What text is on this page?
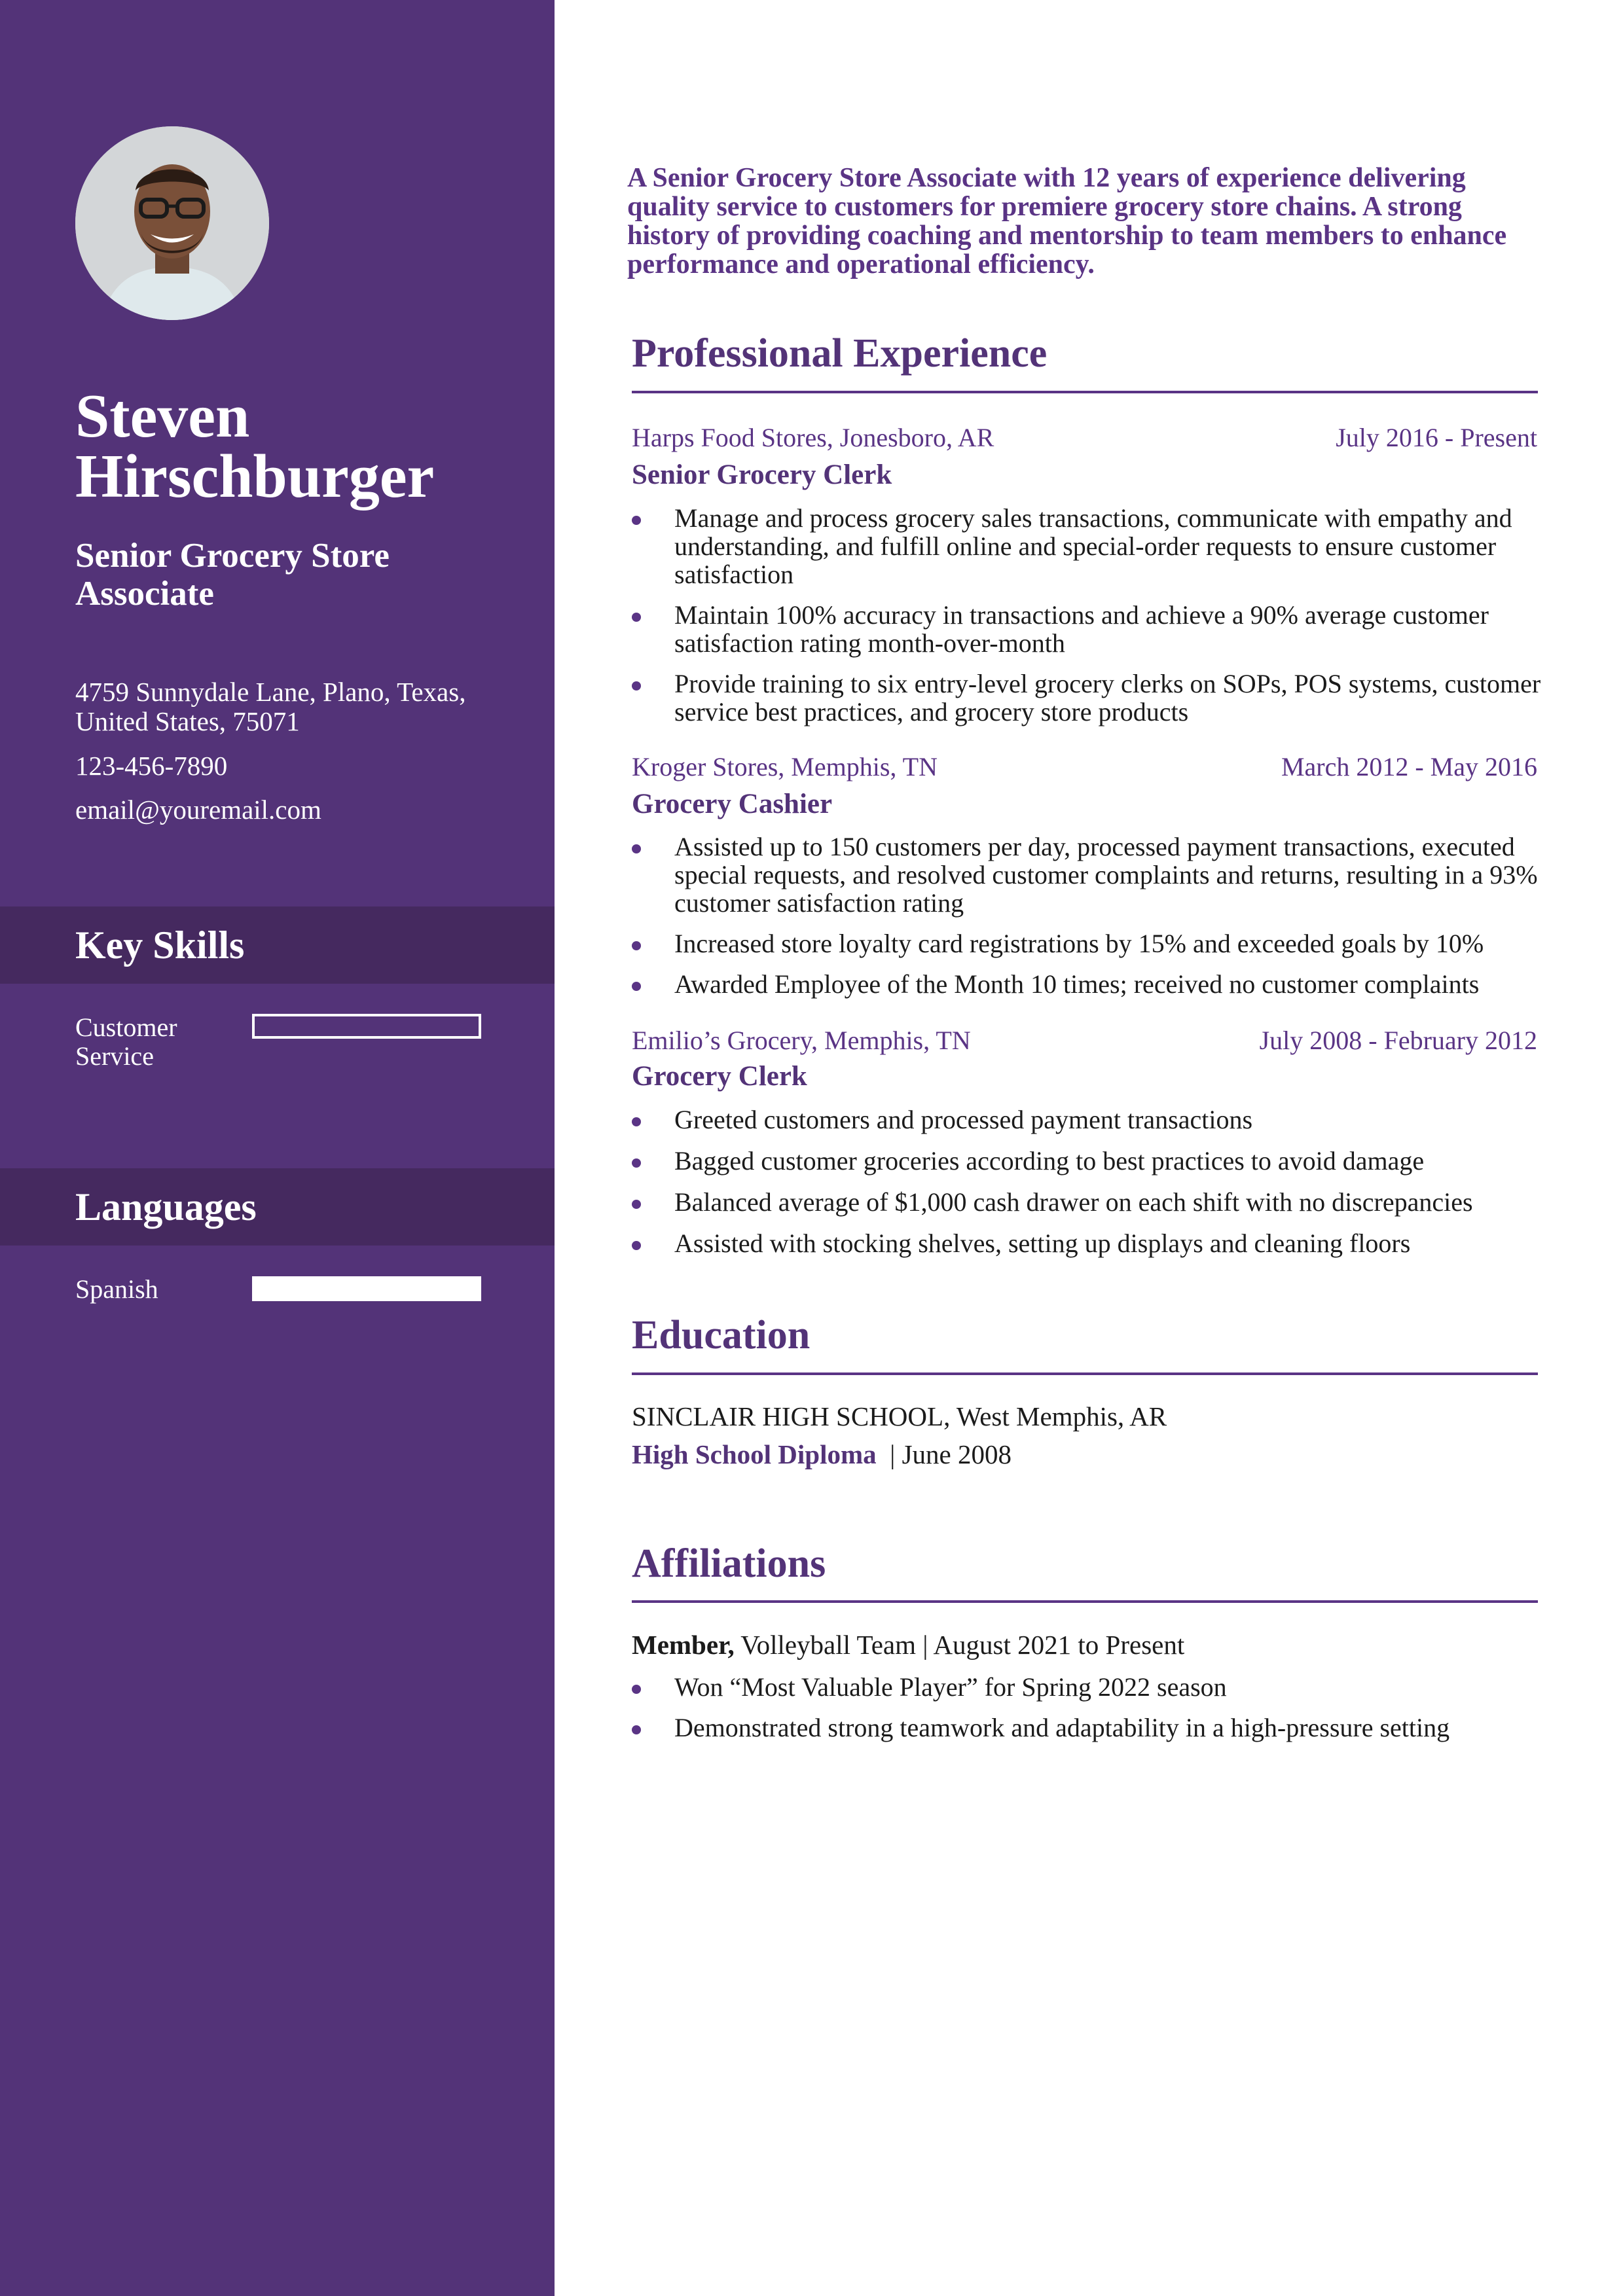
Steven Hirschburger
Senior Grocery Store Associate
4759 Sunnydale Lane, Plano, Texas, United States, 75071
123-456-7890
email@youremail.com
Key Skills
Customer Service
Languages
Spanish
A Senior Grocery Store Associate with 12 years of experience delivering quality service to customers for premiere grocery store chains. A strong history of providing coaching and mentorship to team members to enhance performance and operational efficiency.
Professional Experience
Harps Food Stores, Jonesboro, AR	July 2016 - Present
Senior Grocery Clerk
Manage and process grocery sales transactions, communicate with empathy and understanding, and fulfill online and special-order requests to ensure customer satisfaction
Maintain 100% accuracy in transactions and achieve a 90% average customer satisfaction rating month-over-month
Provide training to six entry-level grocery clerks on SOPs, POS systems, customer service best practices, and grocery store products
Kroger Stores, Memphis, TN	March 2012 - May 2016
Grocery Cashier
Assisted up to 150 customers per day, processed payment transactions, executed special requests, and resolved customer complaints and returns, resulting in a 93% customer satisfaction rating
Increased store loyalty card registrations by 15% and exceeded goals by 10%
Awarded Employee of the Month 10 times; received no customer complaints
Emilio’s Grocery, Memphis, TN	July 2008 - February 2012
Grocery Clerk
Greeted customers and processed payment transactions
Bagged customer groceries according to best practices to avoid damage
Balanced average of $1,000 cash drawer on each shift with no discrepancies
Assisted with stocking shelves, setting up displays and cleaning floors
Education
SINCLAIR HIGH SCHOOL, West Memphis, AR
High School Diploma  | June 2008
Affiliations
Member, Volleyball Team | August 2021 to Present
Won “Most Valuable Player” for Spring 2022 season
Demonstrated strong teamwork and adaptability in a high-pressure setting
